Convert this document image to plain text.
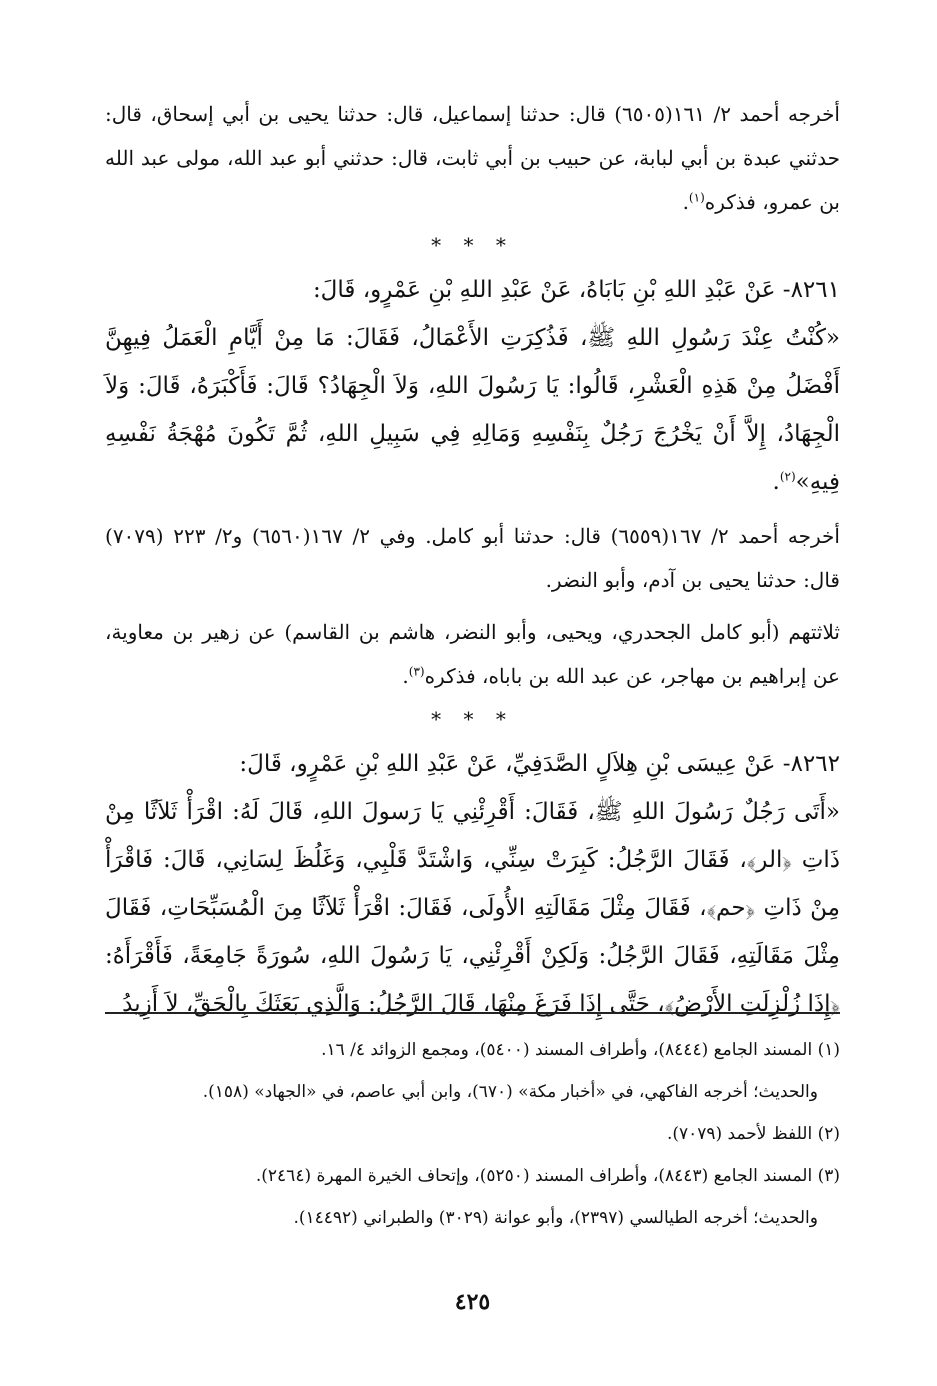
أخرجه أحمد ٢/ ١٦١(٦٥٠٥) قال: حدثنا إسماعيل، قال: حدثنا يحيى بن أبي إسحاق، قال: حدثني عبدة بن أبي لبابة، عن حبيب بن أبي ثابت، قال: حدثني أبو عبد الله، مولى عبد الله بن عمرو، فذكره$^{(١)}$.

* * *

٨٢٦١- عَنْ عَبْدِ اللهِ بْنِ بَابَاهُ، عَنْ عَبْدِ اللهِ بْنِ عَمْرٍو، قَالَ:

«كُنْتُ عِنْدَ رَسُولِ اللهِ ﷺ، فَذُكِرَتِ الأَعْمَالُ، فَقَالَ: مَا مِنْ أَيَّامِ الْعَمَلُ فِيهِنَّ أَفْضَلُ مِنْ هَذِهِ الْعَشْرِ، قَالُوا: يَا رَسُولَ اللهِ، وَلاَ الْجِهَادُ؟ قَالَ: فَأَكْبَرَهُ، قَالَ: وَلاَ الْجِهَادُ، إِلاَّ أَنْ يَخْرُجَ رَجُلٌ بِنَفْسِهِ وَمَالِهِ فِي سَبِيلِ اللهِ، ثُمَّ تَكُونَ مُهْجَةُ نَفْسِهِ فِيهِ»$^{(٢)}$.

أخرجه أحمد ٢/ ١٦٧(٦٥٥٩) قال: حدثنا أبو كامل. وفي ٢/ ١٦٧(٦٥٦٠) و٢/ ٢٢٣ (٧٠٧٩) قال: حدثنا يحيى بن آدم، وأبو النضر.

ثلاثتهم (أبو كامل الجحدري، ويحيى، وأبو النضر، هاشم بن القاسم) عن زهير بن معاوية، عن إبراهيم بن مهاجر، عن عبد الله بن باباه، فذكره$^{(٣)}$.

* * *

٨٢٦٢- عَنْ عِيسَى بْنِ هِلاَلٍ الصَّدَفِيِّ، عَنْ عَبْدِ اللهِ بْنِ عَمْرٍو، قَالَ:

«أَتَى رَجُلٌ رَسُولَ اللهِ ﷺ، فَقَالَ: أَقْرِئْنِي يَا رَسولَ اللهِ، قَالَ لَهُ: اقْرَأْ ثَلاَثًا مِنْ ذَاتِ ﴿الر﴾، فَقَالَ الرَّجُلُ: كَبِرَتْ سِنِّي، وَاشْتَدَّ قَلْبِي، وَغَلُظَ لِسَانِي، قَالَ: فَاقْرَأْ مِنْ ذَاتِ ﴿حم﴾، فَقَالَ مِثْلَ مَقَالَتِهِ الأُولَى، فَقَالَ: اقْرَأْ ثَلاَثًا مِنَ الْمُسَبِّحَاتِ، فَقَالَ مِثْلَ مَقَالَتِهِ، فَقَالَ الرَّجُلُ: وَلَكِنْ أَقْرِئْنِي، يَا رَسُولَ اللهِ، سُورَةً جَامِعَةً، فَأَقْرَأَهُ: ﴿إِذَا زُلْزِلَتِ الأَرْضُ﴾، حَتَّى إِذَا فَرَغَ مِنْهَا، قَالَ الرَّجُلُ: وَالَّذِي بَعَثَكَ بِالْحَقِّ، لاَ أَزِيدُ

(١) المسند الجامع (٨٤٤٤)، وأطراف المسند (٥٤٠٠)، ومجمع الزوائد ٤/ ١٦.

والحديث؛ أخرجه الفاكهي، في «أخبار مكة» (٦٧٠)، وابن أبي عاصم، في «الجهاد» (١٥٨).

(٢) اللفظ لأحمد (٧٠٧٩).

(٣) المسند الجامع (٨٤٤٣)، وأطراف المسند (٥٢٥٠)، وإتحاف الخيرة المهرة (٢٤٦٤).

والحديث؛ أخرجه الطيالسي (٢٣٩٧)، وأبو عوانة (٣٠٢٩) والطبراني (١٤٤٩٢).

٤٢٥
